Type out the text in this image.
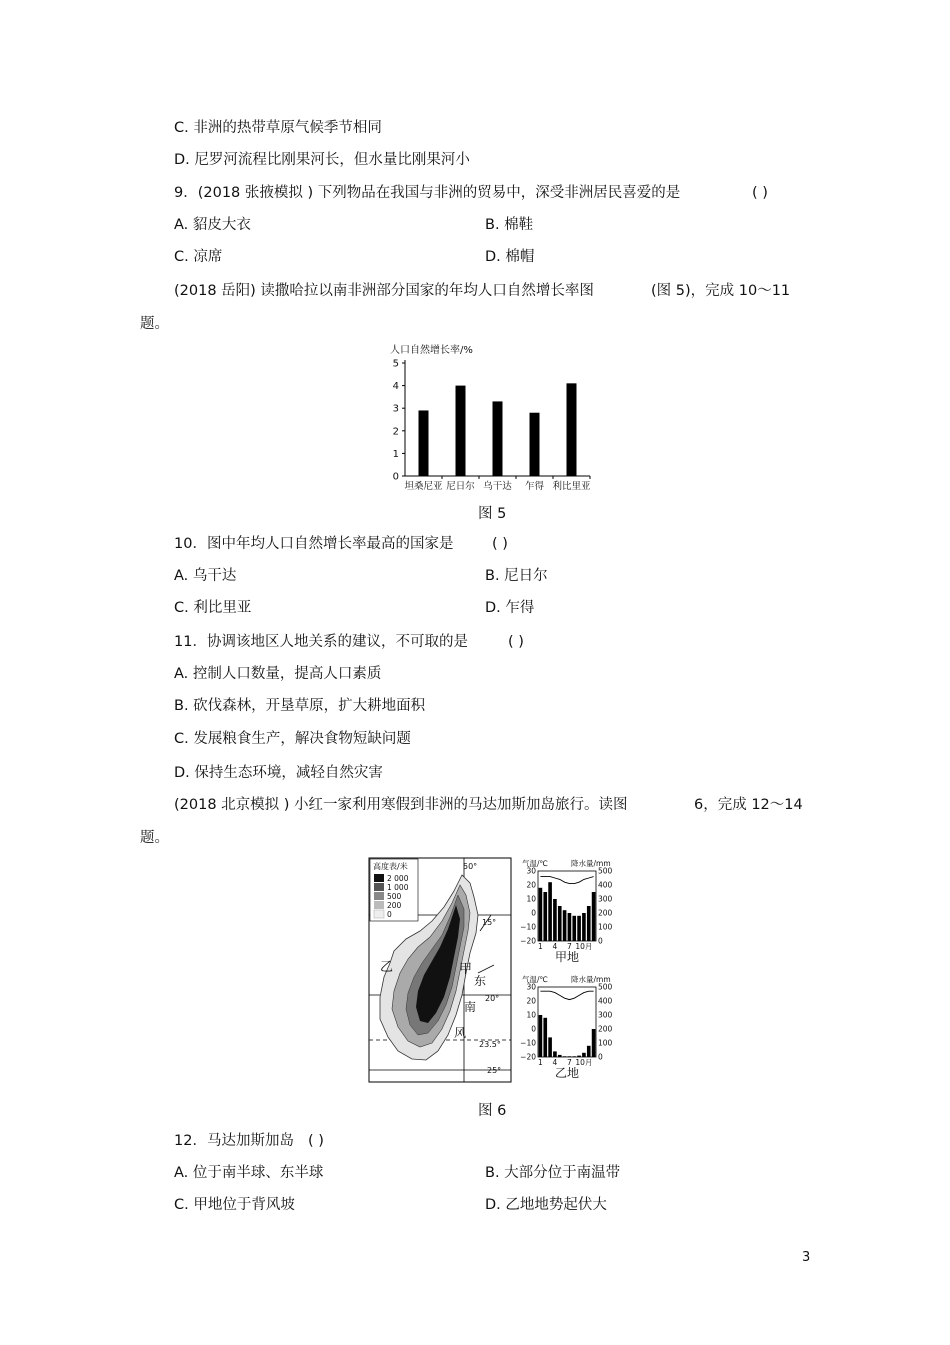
C. 非洲的热带草原气候季节相同
D. 尼罗河流程比刚果河长，但水量比刚果河小
9．(2018 张掖模拟 ) 下列物品在我国与非洲的贸易中，深受非洲居民喜爱的是	( )
A. 貂皮大衣	B. 棉鞋
C. 凉席	D. 棉帽
(2018 岳阳) 读撒哈拉以南非洲部分国家的年均人口自然增长率图	(图 5)，完成 10～11
题。
人口自然增长率/%
0
1
2
3
4
5
坦桑尼亚 尼日尔 乌干达 乍得 利比里亚
图 5
10．图中年均人口自然增长率最高的国家是	( )
A. 乌干达	B. 尼日尔
C. 利比里亚	D. 乍得
11．协调该地区人地关系的建议，不可取的是	( )
A. 控制人口数量，提高人口素质
B. 砍伐森林，开垦草原，扩大耕地面积
C. 发展粮食生产，解决食物短缺问题
D. 保持生态环境，减轻自然灾害
(2018 北京模拟 ) 小红一家利用寒假到非洲的马达加斯加岛旅行。读图	6，完成 12～14
题。
高度表/米
2 000
1 000
500
200
0
50°
15°
20°
23.5°
25°
乙	甲
东
南
风
气温/℃	降水量/mm
30
20
10
0
−10
−20
500
400
300
200
100
0
1 4 7 10月
甲地
气温/℃	降水量/mm
30
20
10
0
−10
−20
500
400
300
200
100
0
1 4 7 10月
乙地
图 6
12．马达加斯加岛 ( )
A. 位于南半球、东半球	B. 大部分位于南温带
C. 甲地位于背风坡	D. 乙地地势起伏大
3
